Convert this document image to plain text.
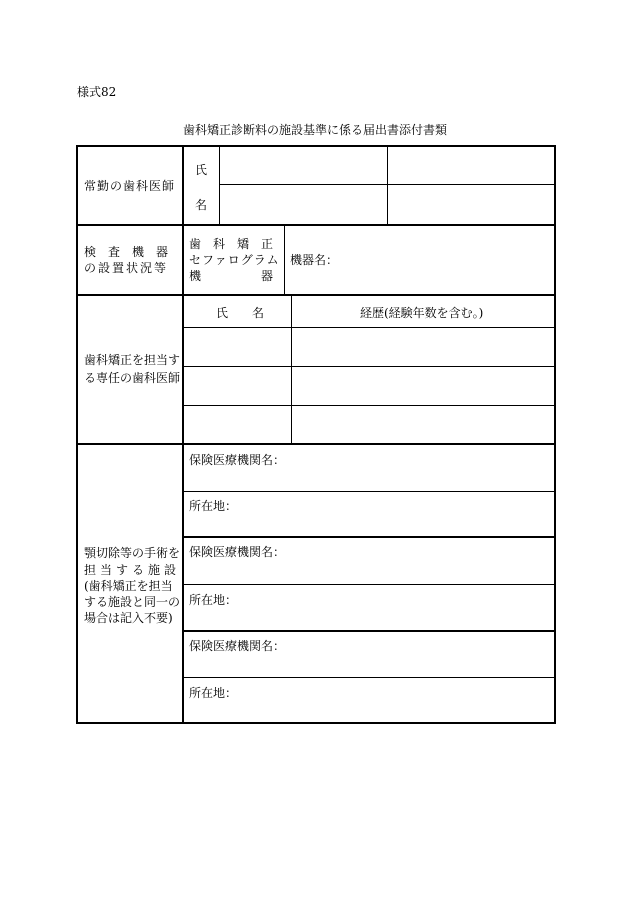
様式82
歯科矯正診断料の施設基準に係る届出書添付書類
常勤の歯科医師
氏
名
検　査　機　器
の設置状況等
歯　科　矯　正
セファログラム
機　　　　　器
機器名：
歯科矯正を担当す
る専任の歯科医師
氏　　名	経歴(経験年数を含む。)
顎切除等の手術を
担当する施設
(歯科矯正を担当
する施設と同一の
場合は記入不要)
保険医療機関名：
所在地：
保険医療機関名：
所在地：
保険医療機関名：
所在地：
